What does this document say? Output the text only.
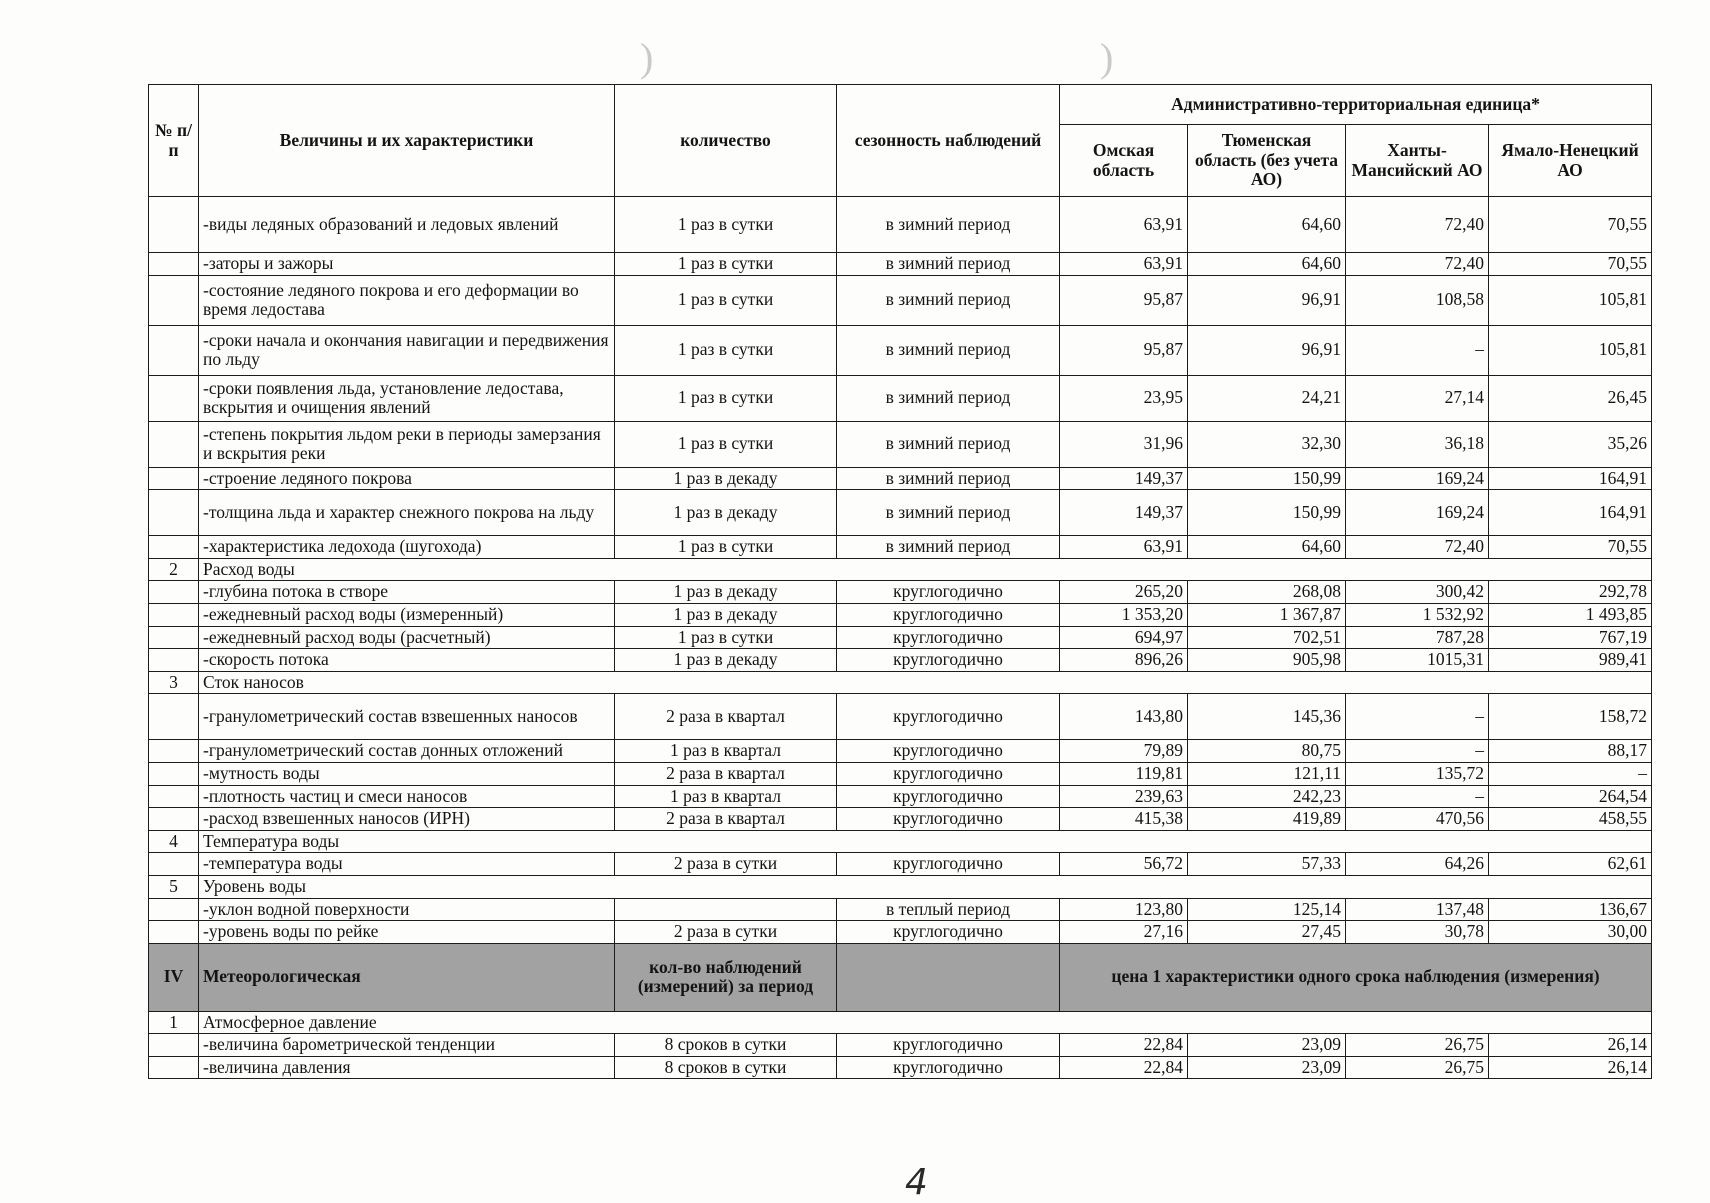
)	)
№ п/п	Величины и их характеристики	количество	сезонность наблюдений	Административно-территориальная единица*			
				Омская область	Тюменская область (без учета АО)	Ханты-Мансийский АО	Ямало-Ненецкий АО
	-виды ледяных образований и ледовых явлений	1 раз в сутки	в зимний период	63,91	64,60	72,40	70,55
	-заторы и зажоры	1 раз в сутки	в зимний период	63,91	64,60	72,40	70,55
	-состояние ледяного покрова и его деформации во время ледостава	1 раз в сутки	в зимний период	95,87	96,91	108,58	105,81
	-сроки начала и окончания навигации и передвижения по льду	1 раз в сутки	в зимний период	95,87	96,91	–	105,81
	-сроки появления льда, установление ледостава, вскрытия и очищения явлений	1 раз в сутки	в зимний период	23,95	24,21	27,14	26,45
	-степень покрытия льдом реки в периоды замерзания и вскрытия реки	1 раз в сутки	в зимний период	31,96	32,30	36,18	35,26
	-строение ледяного покрова	1 раз в декаду	в зимний период	149,37	150,99	169,24	164,91
	-толщина льда и характер снежного покрова на льду	1 раз в декаду	в зимний период	149,37	150,99	169,24	164,91
	-характеристика ледохода (шугохода)	1 раз в сутки	в зимний период	63,91	64,60	72,40	70,55
2	Расход воды						
	-глубина потока в створе	1 раз в декаду	круглогодично	265,20	268,08	300,42	292,78
	-ежедневный расход воды (измеренный)	1 раз в декаду	круглогодично	1 353,20	1 367,87	1 532,92	1 493,85
	-ежедневный расход воды (расчетный)	1 раз в сутки	круглогодично	694,97	702,51	787,28	767,19
	-скорость потока	1 раз в декаду	круглогодично	896,26	905,98	1015,31	989,41
3	Сток наносов						
	-гранулометрический состав взвешенных наносов	2 раза в квартал	круглогодично	143,80	145,36	–	158,72
	-гранулометрический состав донных отложений	1 раз в квартал	круглогодично	79,89	80,75	–	88,17
	-мутность воды	2 раза в квартал	круглогодично	119,81	121,11	135,72	–
	-плотность частиц и смеси наносов	1 раз в квартал	круглогодично	239,63	242,23	–	264,54
	-расход взвешенных наносов (ИРН)	2 раза в квартал	круглогодично	415,38	419,89	470,56	458,55
4	Температура воды						
	-температура воды	2 раза в сутки	круглогодично	56,72	57,33	64,26	62,61
5	Уровень воды						
	-уклон водной поверхности		в теплый период	123,80	125,14	137,48	136,67
	-уровень воды по рейке	2 раза в сутки	круглогодично	27,16	27,45	30,78	30,00
IV	Метеорологическая	кол-во наблюдений (измерений) за период		цена 1 характеристики одного срока наблюдения (измерения)			
1	Атмосферное давление						
	-величина барометрической тенденции	8 сроков в сутки	круглогодично	22,84	23,09	26,75	26,14
	-величина давления	8 сроков в сутки	круглогодично	22,84	23,09	26,75	26,14
4
